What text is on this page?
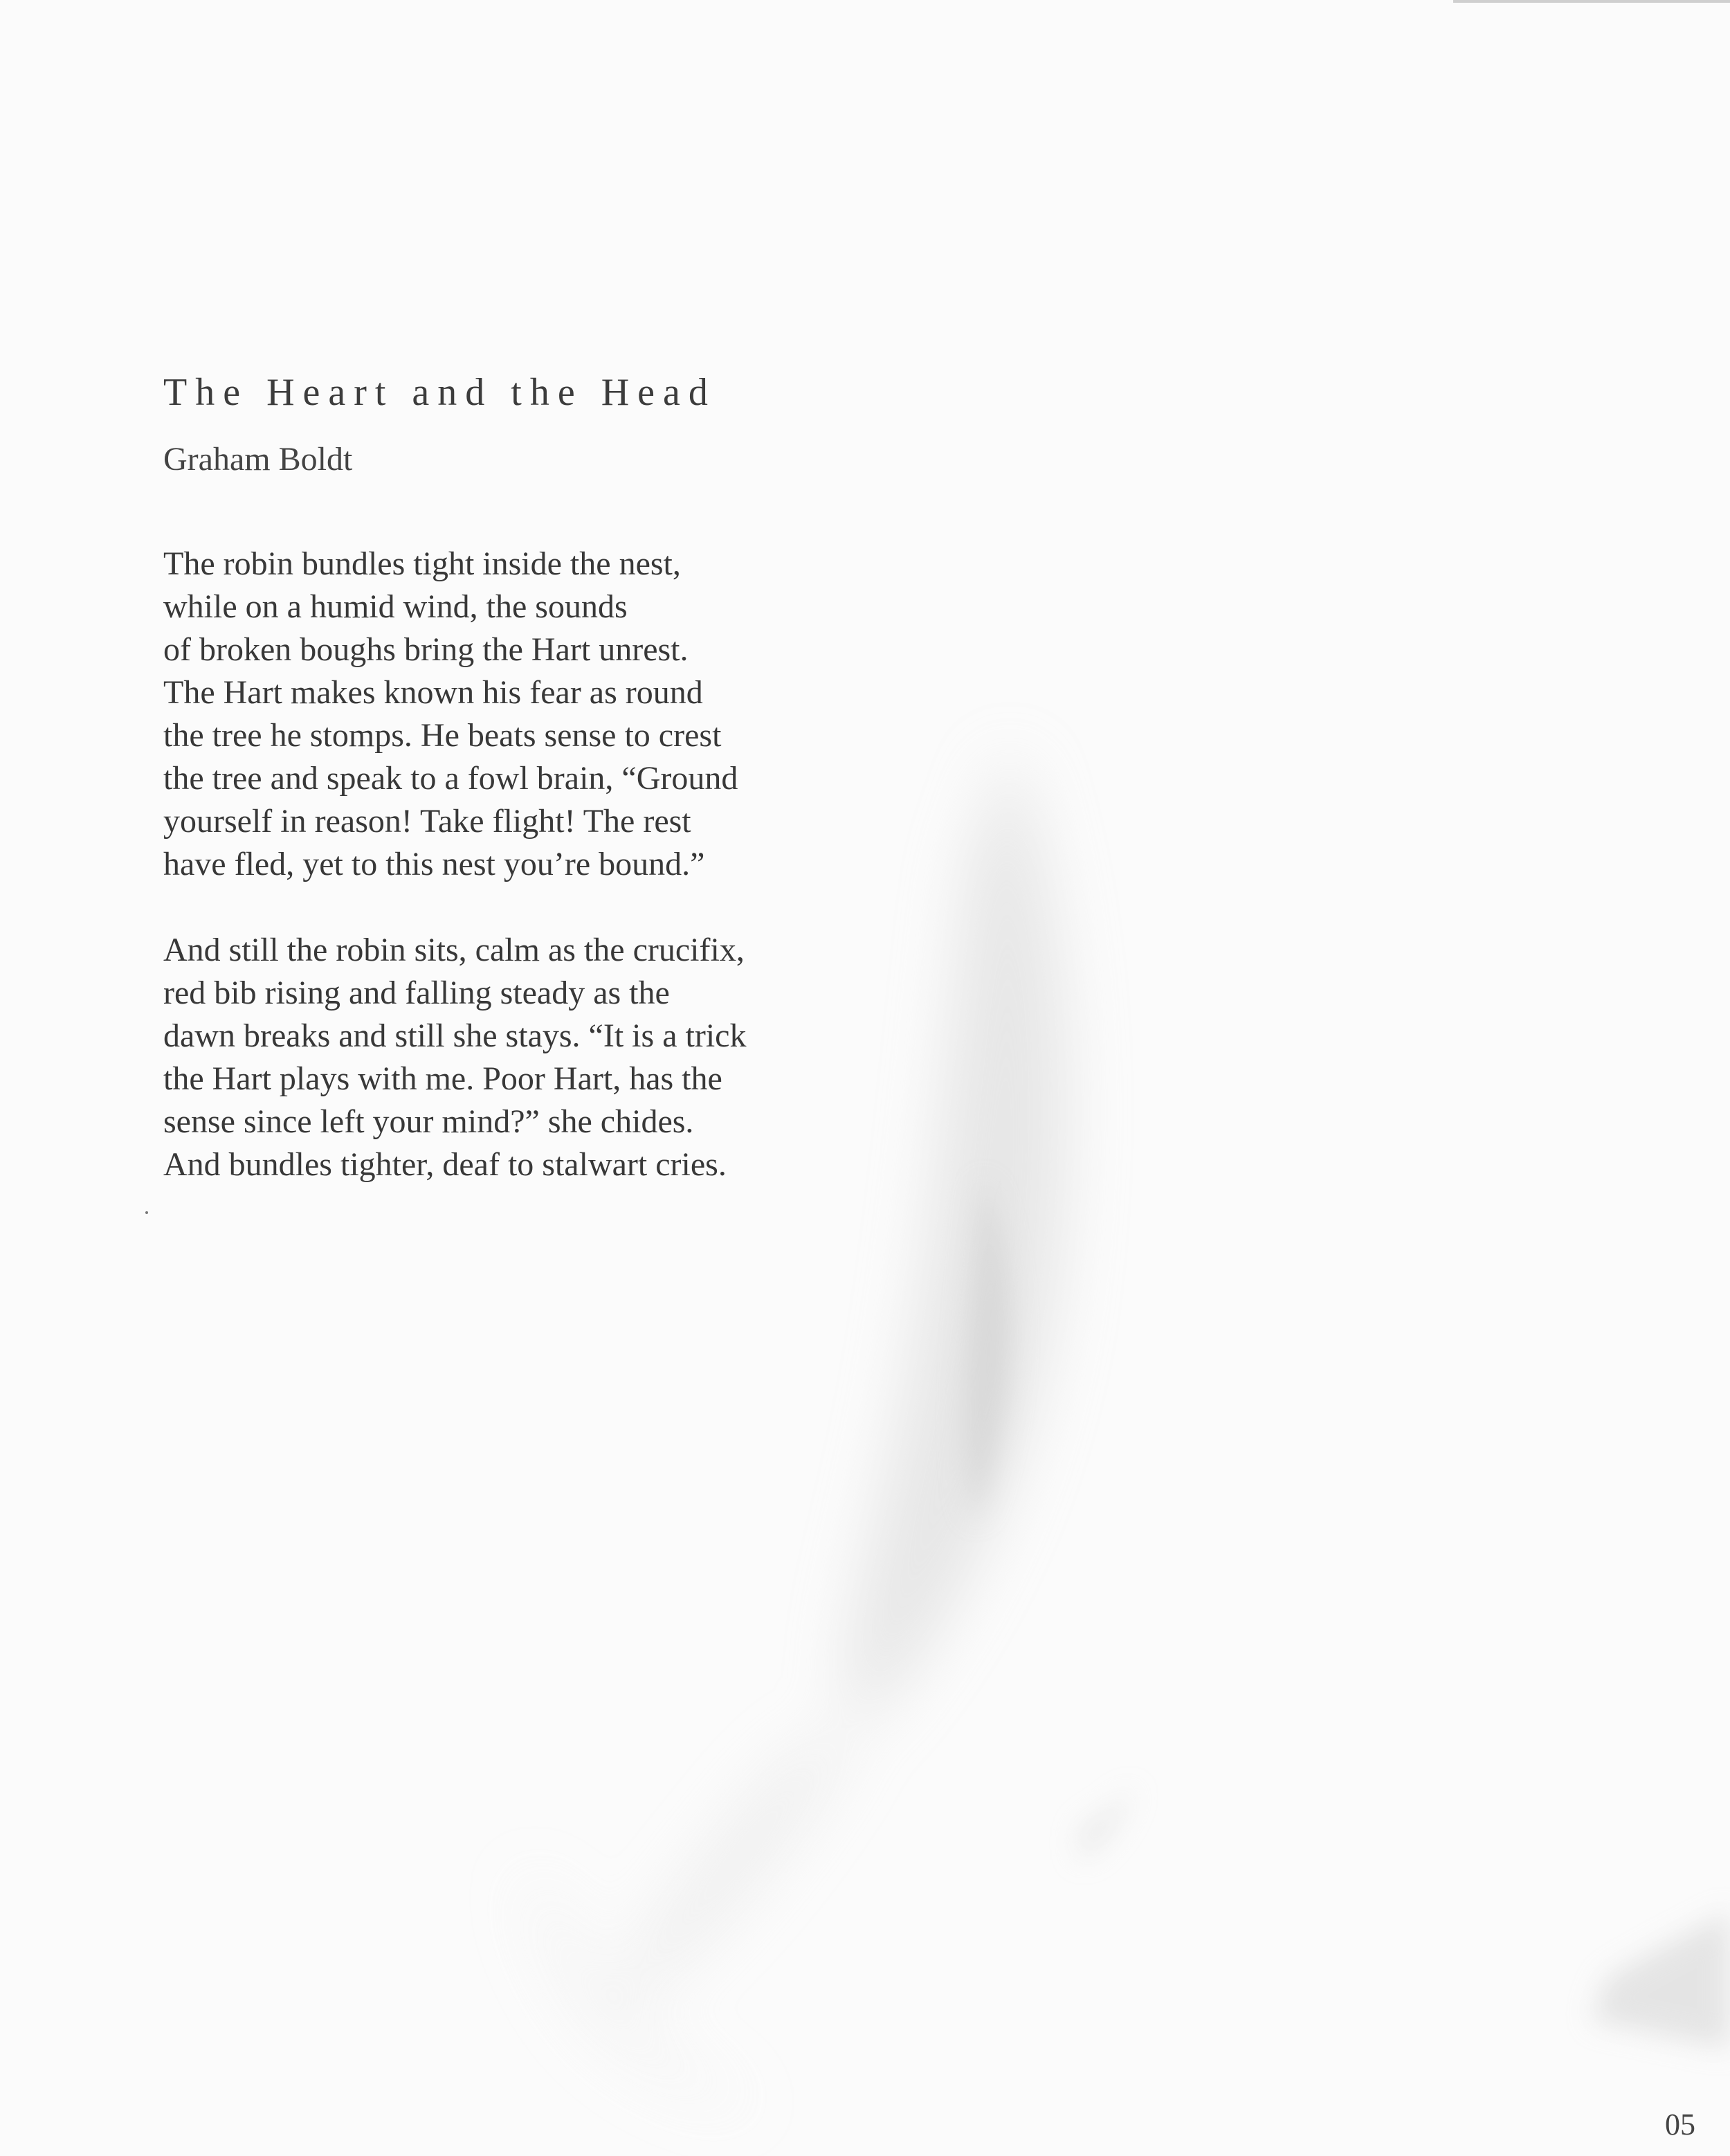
The Heart and the Head
Graham Boldt

The robin bundles tight inside the nest,
while on a humid wind, the sounds
of broken boughs bring the Hart unrest.
The Hart makes known his fear as round
the tree he stomps. He beats sense to crest
the tree and speak to a fowl brain, “Ground
yourself in reason! Take flight! The rest
have fled, yet to this nest you’re bound.”

And still the robin sits, calm as the crucifix,
red bib rising and falling steady as the
dawn breaks and still she stays. “It is a trick
the Hart plays with me. Poor Hart, has the
sense since left your mind?” she chides.
And bundles tighter, deaf to stalwart cries.

05
